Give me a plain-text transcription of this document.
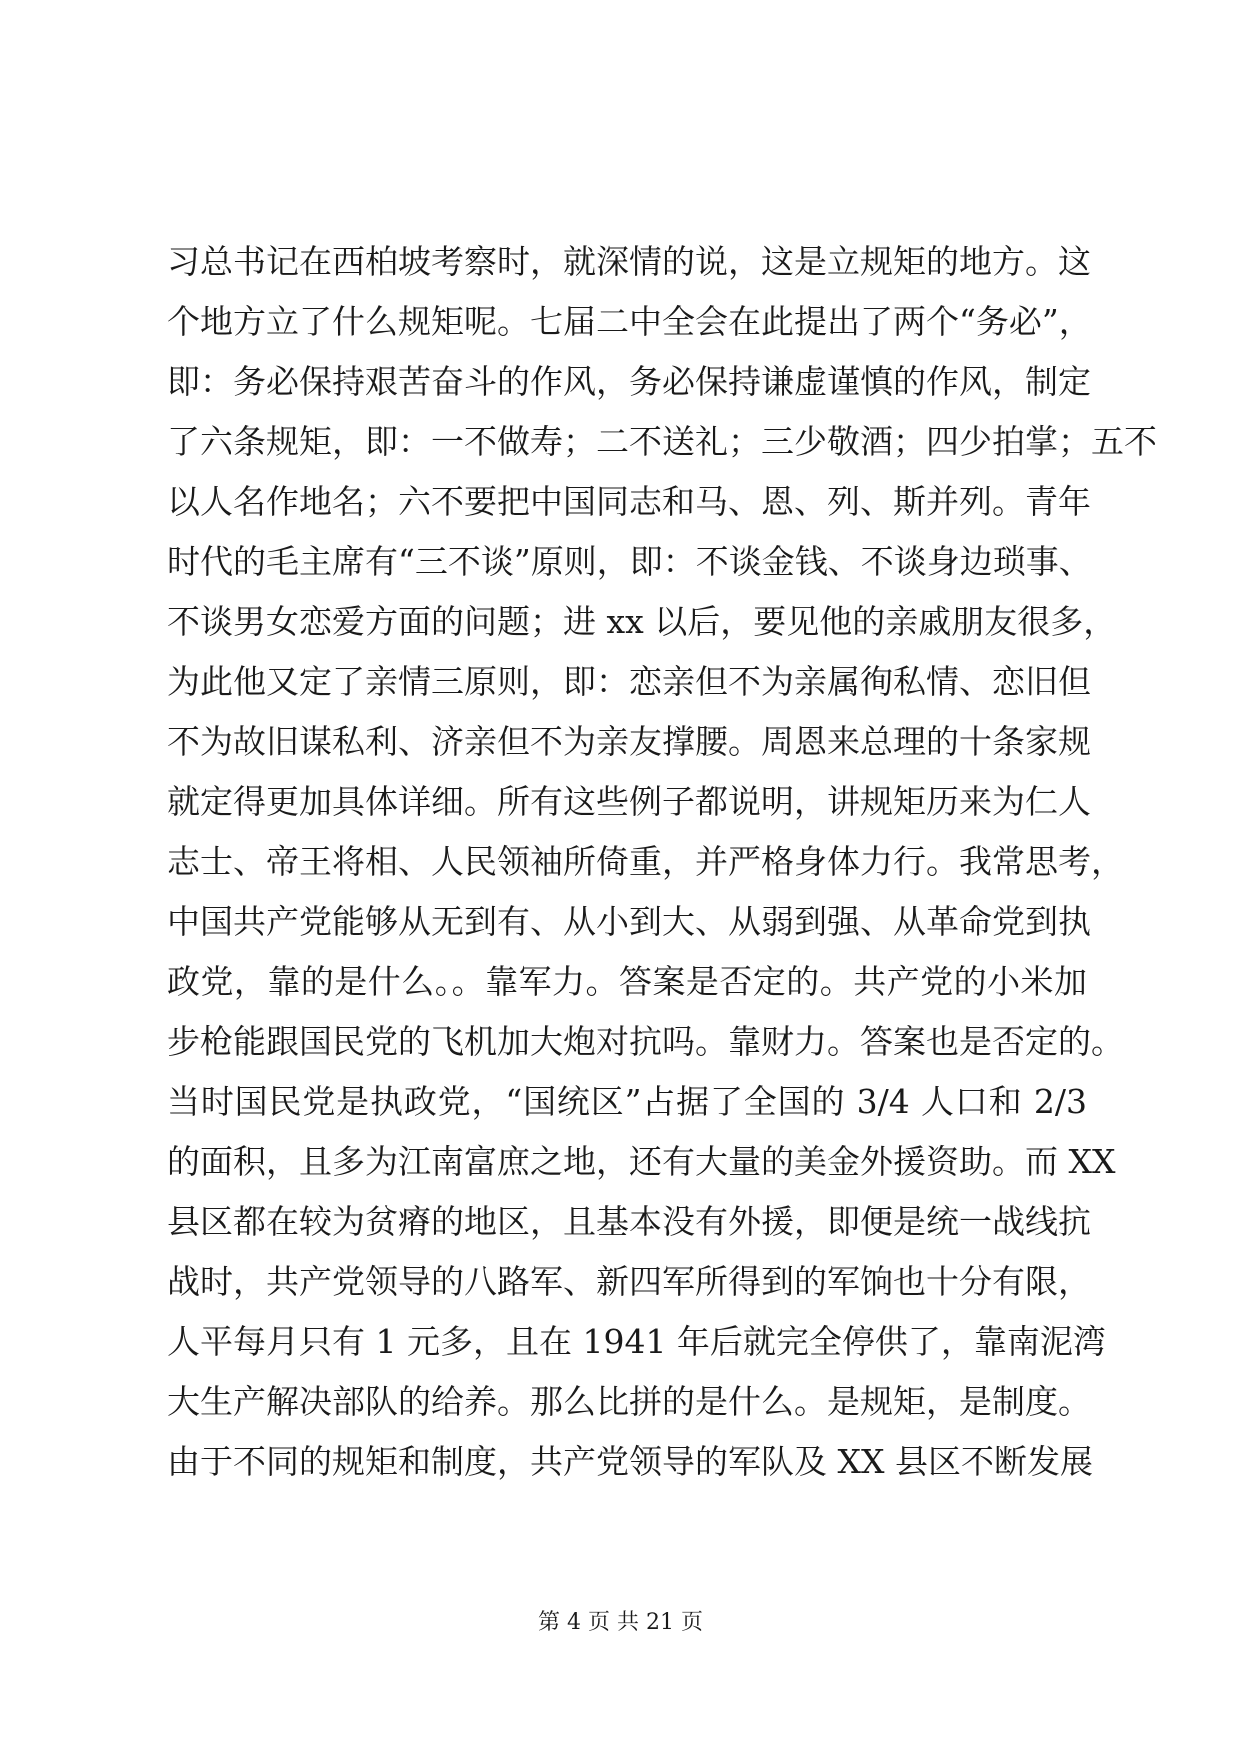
习总书记在西柏坡考察时，就深情的说，这是立规矩的地方。这
个地方立了什么规矩呢。七届二中全会在此提出了两个“务必”，
即：务必保持艰苦奋斗的作风，务必保持谦虚谨慎的作风，制定
了六条规矩，即：一不做寿；二不送礼；三少敬酒；四少拍掌；五不
以人名作地名；六不要把中国同志和马、恩、列、斯并列。青年
时代的毛主席有“三不谈”原则，即：不谈金钱、不谈身边琐事、
不谈男女恋爱方面的问题；进 xx 以后，要见他的亲戚朋友很多，
为此他又定了亲情三原则，即：恋亲但不为亲属徇私情、恋旧但
不为故旧谋私利、济亲但不为亲友撑腰。周恩来总理的十条家规
就定得更加具体详细。所有这些例子都说明，讲规矩历来为仁人
志士、帝王将相、人民领袖所倚重，并严格身体力行。我常思考，
中国共产党能够从无到有、从小到大、从弱到强、从革命党到执
政党，靠的是什么。。靠军力。答案是否定的。共产党的小米加
步枪能跟国民党的飞机加大炮对抗吗。靠财力。答案也是否定的。
当时国民党是执政党，“国统区”占据了全国的 3/4 人口和 2/3
的面积，且多为江南富庶之地，还有大量的美金外援资助。而 XX
县区都在较为贫瘠的地区，且基本没有外援，即便是统一战线抗
战时，共产党领导的八路军、新四军所得到的军饷也十分有限，
人平每月只有 1 元多，且在 1941 年后就完全停供了，靠南泥湾
大生产解决部队的给养。那么比拼的是什么。是规矩，是制度。
由于不同的规矩和制度，共产党领导的军队及 XX 县区不断发展
第 4 页 共 21 页
